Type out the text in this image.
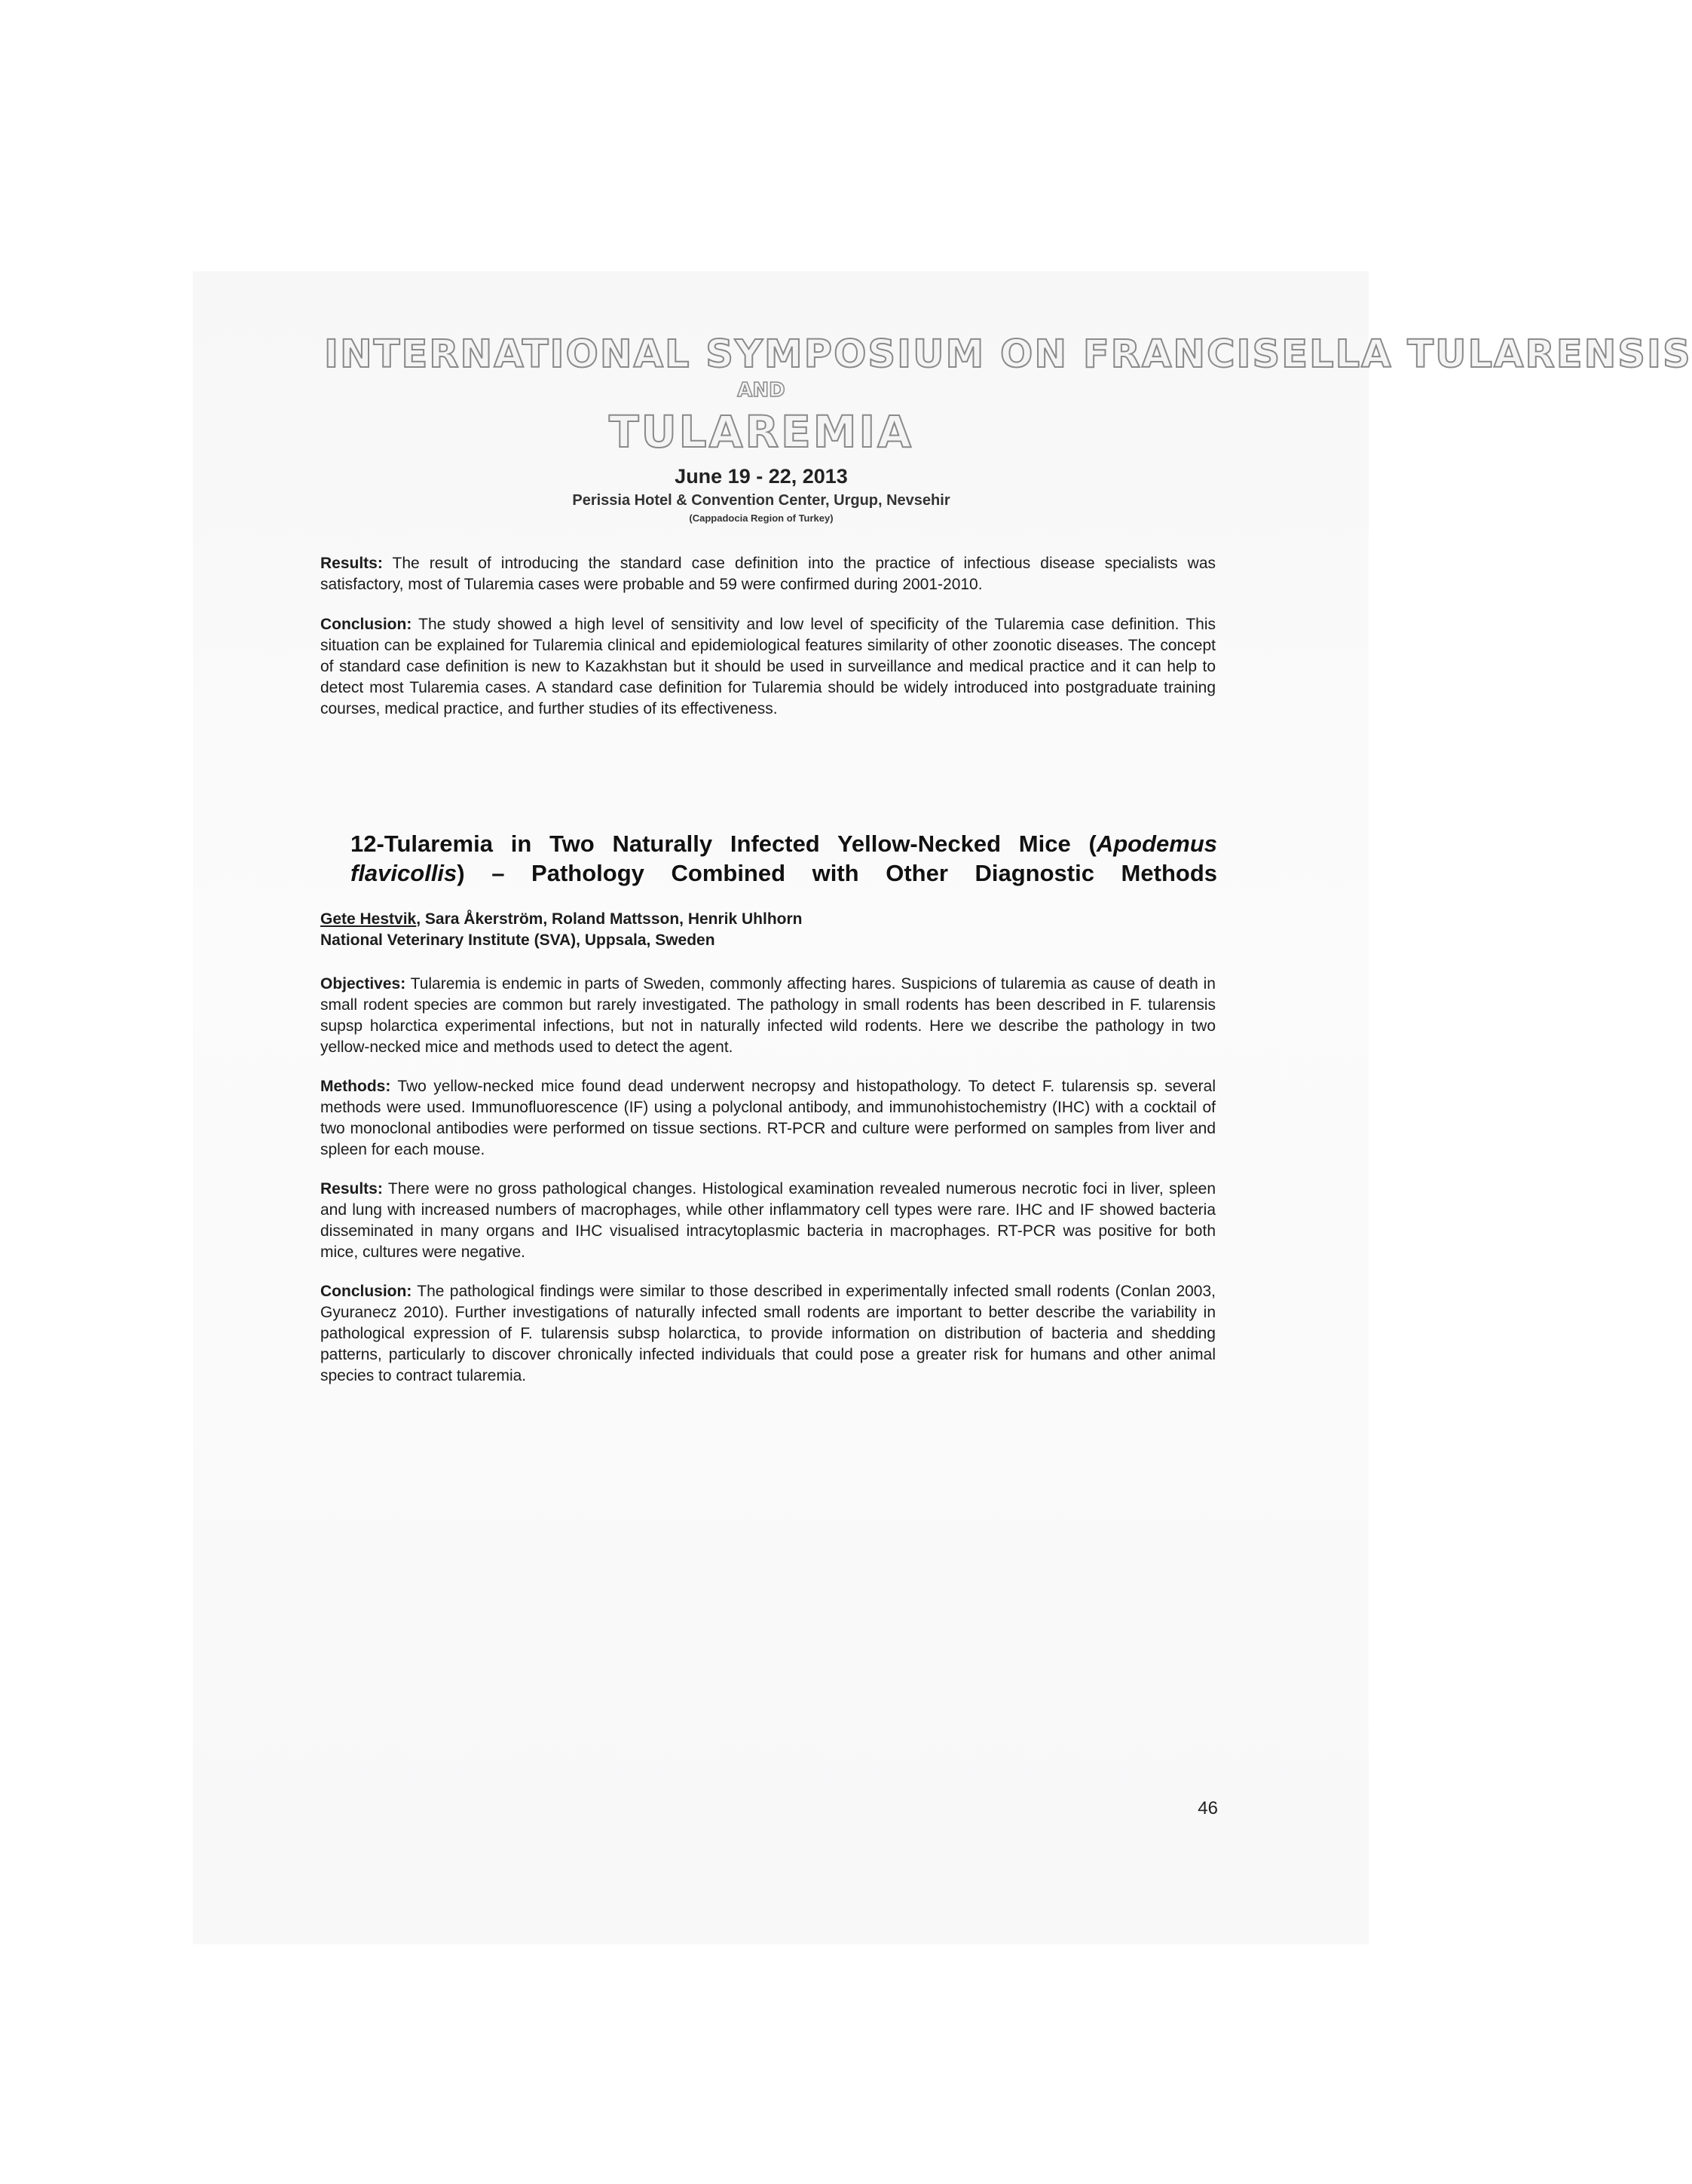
INTERNATIONAL SYMPOSIUM ON FRANCISELLA TULARENSIS
AND
TULAREMIA
June 19 - 22, 2013
Perissia Hotel & Convention Center, Urgup, Nevsehir
(Cappadocia Region of Turkey)

Results: The result of introducing the standard case definition into the practice of infectious disease specialists was satisfactory, most of Tularemia cases were probable and 59 were confirmed during 2001-2010.

Conclusion: The study showed a high level of sensitivity and low level of specificity of the Tularemia case definition. This situation can be explained for Tularemia clinical and epidemiological features similarity of other zoonotic diseases. The concept of standard case definition is new to Kazakhstan but it should be used in surveillance and medical practice and it can help to detect most Tularemia cases. A standard case definition for Tularemia should be widely introduced into postgraduate training courses, medical practice, and further studies of its effectiveness.

12-Tularemia in Two Naturally Infected Yellow-Necked Mice (Apodemus flavicollis) – Pathology Combined with Other Diagnostic Methods
Gete Hestvik, Sara Åkerström, Roland Mattsson, Henrik Uhlhorn
National Veterinary Institute (SVA), Uppsala, Sweden

Objectives: Tularemia is endemic in parts of Sweden, commonly affecting hares. Suspicions of tularemia as cause of death in small rodent species are common but rarely investigated. The pathology in small rodents has been described in F. tularensis supsp holarctica experimental infections, but not in naturally infected wild rodents. Here we describe the pathology in two yellow-necked mice and methods used to detect the agent.

Methods: Two yellow-necked mice found dead underwent necropsy and histopathology. To detect F. tularensis sp. several methods were used. Immunofluorescence (IF) using a polyclonal antibody, and immunohistochemistry (IHC) with a cocktail of two monoclonal antibodies were performed on tissue sections. RT-PCR and culture were performed on samples from liver and spleen for each mouse.

Results: There were no gross pathological changes. Histological examination revealed numerous necrotic foci in liver, spleen and lung with increased numbers of macrophages, while other inflammatory cell types were rare. IHC and IF showed bacteria disseminated in many organs and IHC visualised intracytoplasmic bacteria in macrophages. RT-PCR was positive for both mice, cultures were negative.

Conclusion: The pathological findings were similar to those described in experimentally infected small rodents (Conlan 2003, Gyuranecz 2010). Further investigations of naturally infected small rodents are important to better describe the variability in pathological expression of F. tularensis subsp holarctica, to provide information on distribution of bacteria and shedding patterns, particularly to discover chronically infected individuals that could pose a greater risk for humans and other animal species to contract tularemia.

46
